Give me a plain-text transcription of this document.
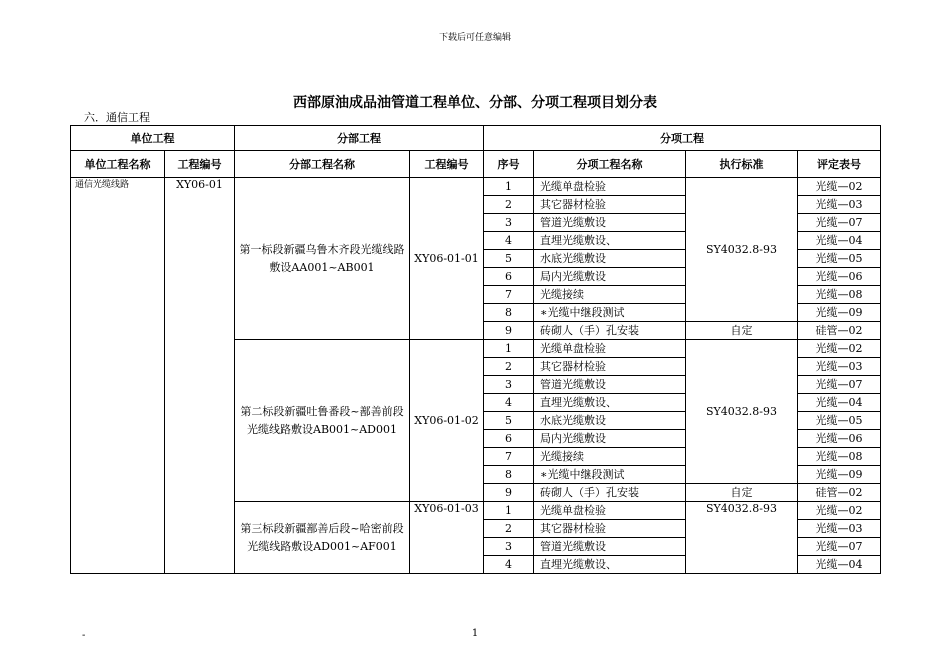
下载后可任意编辑
西部原油成品油管道工程单位、分部、分项工程项目划分表
六．通信工程
单位工程		分部工程		分项工程			
单位工程名称	工程编号	分部工程名称	工程编号	序号	分项工程名称	执行标准	评定表号
通信光缆线路	XY06-01	第一标段新疆乌鲁木齐段光缆线路敷设AA001~AB001	XY06-01-01	1	光缆单盘检验	SY4032.8-93	光缆—02
				2	其它器材检验		光缆—03
				3	管道光缆敷设		光缆—07
				4	直埋光缆敷设、		光缆—04
				5	水底光缆敷设		光缆—05
				6	局内光缆敷设		光缆—06
				7	光缆接续		光缆—08
				8	∗光缆中继段测试		光缆—09
				9	砖砌人（手）孔安装	自定	硅管—02
		第二标段新疆吐鲁番段~鄯善前段光缆线路敷设AB001~AD001	XY06-01-02	1	光缆单盘检验	SY4032.8-93	光缆—02
				2	其它器材检验		光缆—03
				3	管道光缆敷设		光缆—07
				4	直埋光缆敷设、		光缆—04
				5	水底光缆敷设		光缆—05
				6	局内光缆敷设		光缆—06
				7	光缆接续		光缆—08
				8	∗光缆中继段测试		光缆—09
				9	砖砌人（手）孔安装	自定	硅管—02
		第三标段新疆鄯善后段~哈密前段光缆线路敷设AD001~AF001	XY06-01-03	1	光缆单盘检验	SY4032.8-93	光缆—02
				2	其它器材检验		光缆—03
				3	管道光缆敷设		光缆—07
				4	直埋光缆敷设、		光缆—04
-	1
